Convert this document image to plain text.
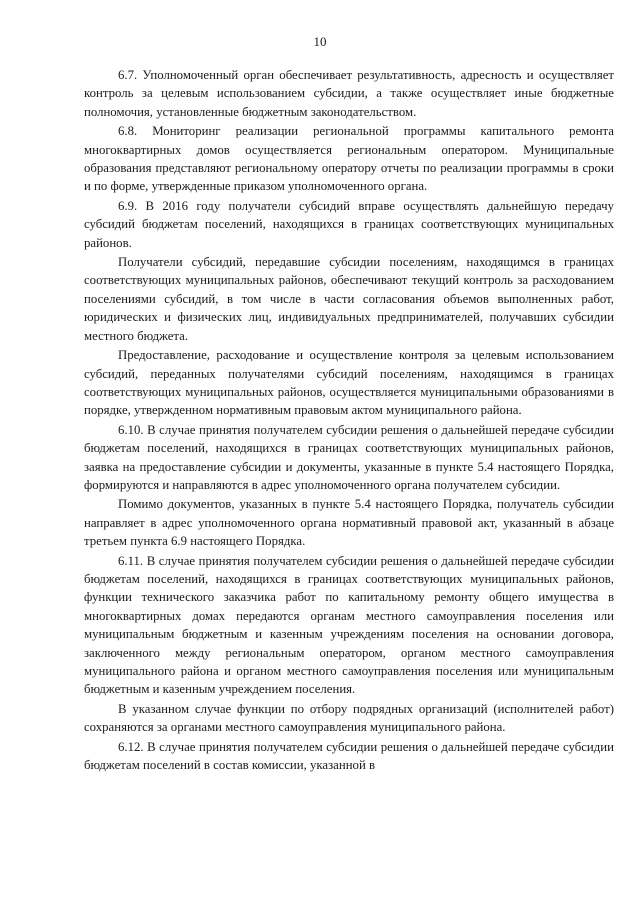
10

6.7. Уполномоченный орган обеспечивает результативность, адресность и осуществляет контроль за целевым использованием субсидии, а также осуществляет иные бюджетные полномочия, установленные бюджетным законодательством.

6.8. Мониторинг реализации региональной программы капитального ремонта многоквартирных домов осуществляется региональным оператором. Муниципальные образования представляют региональному оператору отчеты по реализации программы в сроки и по форме, утвержденные приказом уполномоченного органа.

6.9. В 2016 году получатели субсидий вправе осуществлять дальнейшую передачу субсидий бюджетам поселений, находящихся в границах соответствующих муниципальных районов.

Получатели субсидий, передавшие субсидии поселениям, находящимся в границах соответствующих муниципальных районов, обеспечивают текущий контроль за расходованием поселениями субсидий, в том числе в части согласования объемов выполненных работ, юридических и физических лиц, индивидуальных предпринимателей, получавших субсидии местного бюджета.

Предоставление, расходование и осуществление контроля за целевым использованием субсидий, переданных получателями субсидий поселениям, находящимся в границах соответствующих муниципальных районов, осуществляется муниципальными образованиями в порядке, утвержденном нормативным правовым актом муниципального района.

6.10. В случае принятия получателем субсидии решения о дальнейшей передаче субсидии бюджетам поселений, находящихся в границах соответствующих муниципальных районов, заявка на предоставление субсидии и документы, указанные в пункте 5.4 настоящего Порядка, формируются и направляются в адрес уполномоченного органа получателем субсидии.

Помимо документов, указанных в пункте 5.4 настоящего Порядка, получатель субсидии направляет в адрес уполномоченного органа нормативный правовой акт, указанный в абзаце третьем пункта 6.9 настоящего Порядка.

6.11. В случае принятия получателем субсидии решения о дальнейшей передаче субсидии бюджетам поселений, находящихся в границах соответствующих муниципальных районов, функции технического заказчика работ по капитальному ремонту общего имущества в многоквартирных домах передаются органам местного самоуправления поселения или муниципальным бюджетным и казенным учреждениям поселения на основании договора, заключенного между региональным оператором, органом местного самоуправления муниципального района и органом местного самоуправления поселения или муниципальным бюджетным и казенным учреждением поселения.

В указанном случае функции по отбору подрядных организаций (исполнителей работ) сохраняются за органами местного самоуправления муниципального района.

6.12. В случае принятия получателем субсидии решения о дальнейшей передаче субсидии бюджетам поселений в состав комиссии, указанной в
